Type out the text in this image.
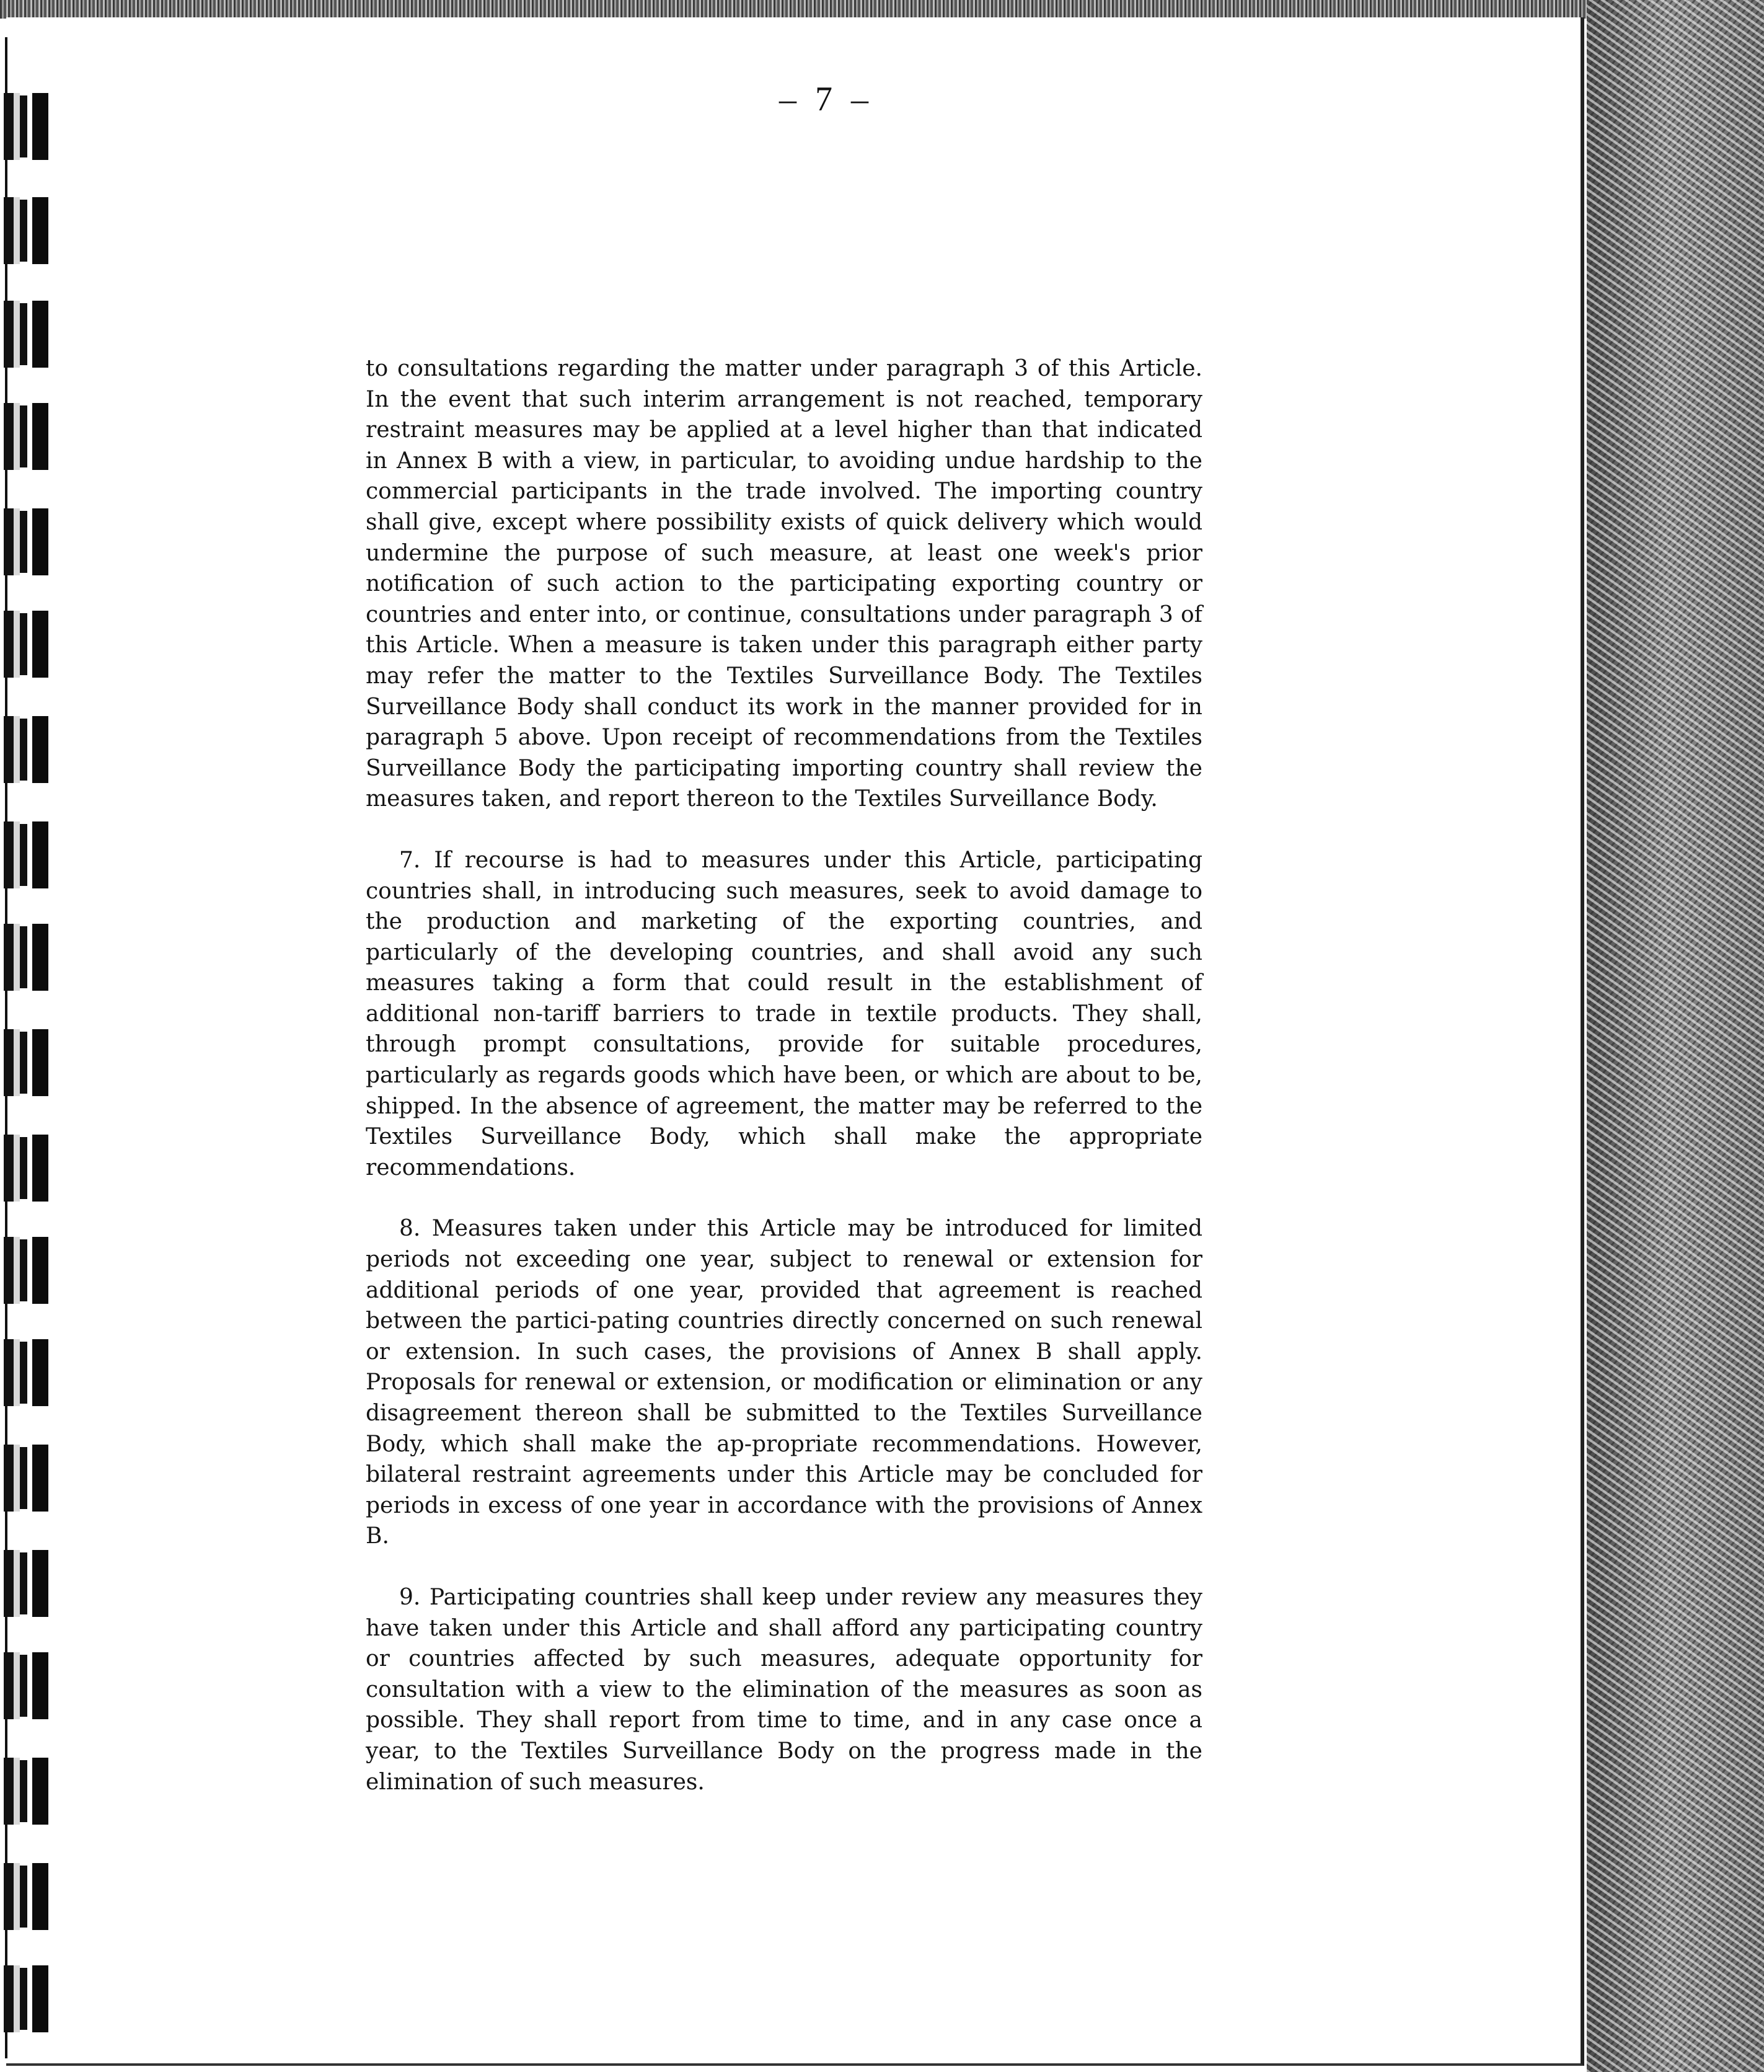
– 7 –

to consultations regarding the matter under paragraph 3 of this Article. In the event that such interim arrangement is not reached, temporary restraint measures may be applied at a level higher than that indicated in Annex B with a view, in particular, to avoiding undue hardship to the commercial participants in the trade involved. The importing country shall give, except where possibility exists of quick delivery which would undermine the purpose of such measure, at least one week's prior notification of such action to the participating exporting country or countries and enter into, or continue, consultations under paragraph 3 of this Article. When a measure is taken under this paragraph either party may refer the matter to the Textiles Surveillance Body. The Textiles Surveillance Body shall conduct its work in the manner provided for in paragraph 5 above. Upon receipt of recommendations from the Textiles Surveillance Body the participating importing country shall review the measures taken, and report thereon to the Textiles Surveillance Body.

7. If recourse is had to measures under this Article, participating countries shall, in introducing such measures, seek to avoid damage to the production and marketing of the exporting countries, and particularly of the developing countries, and shall avoid any such measures taking a form that could result in the establishment of additional non-tariff barriers to trade in textile products. They shall, through prompt consultations, provide for suitable procedures, particularly as regards goods which have been, or which are about to be, shipped. In the absence of agreement, the matter may be referred to the Textiles Surveillance Body, which shall make the appropriate recommendations.

8. Measures taken under this Article may be introduced for limited periods not exceeding one year, subject to renewal or extension for additional periods of one year, provided that agreement is reached between the partici-pating countries directly concerned on such renewal or extension. In such cases, the provisions of Annex B shall apply. Proposals for renewal or extension, or modification or elimination or any disagreement thereon shall be submitted to the Textiles Surveillance Body, which shall make the ap-propriate recommendations. However, bilateral restraint agreements under this Article may be concluded for periods in excess of one year in accordance with the provisions of Annex B.

9. Participating countries shall keep under review any measures they have taken under this Article and shall afford any participating country or countries affected by such measures, adequate opportunity for consultation with a view to the elimination of the measures as soon as possible. They shall report from time to time, and in any case once a year, to the Textiles Surveillance Body on the progress made in the elimination of such measures.
